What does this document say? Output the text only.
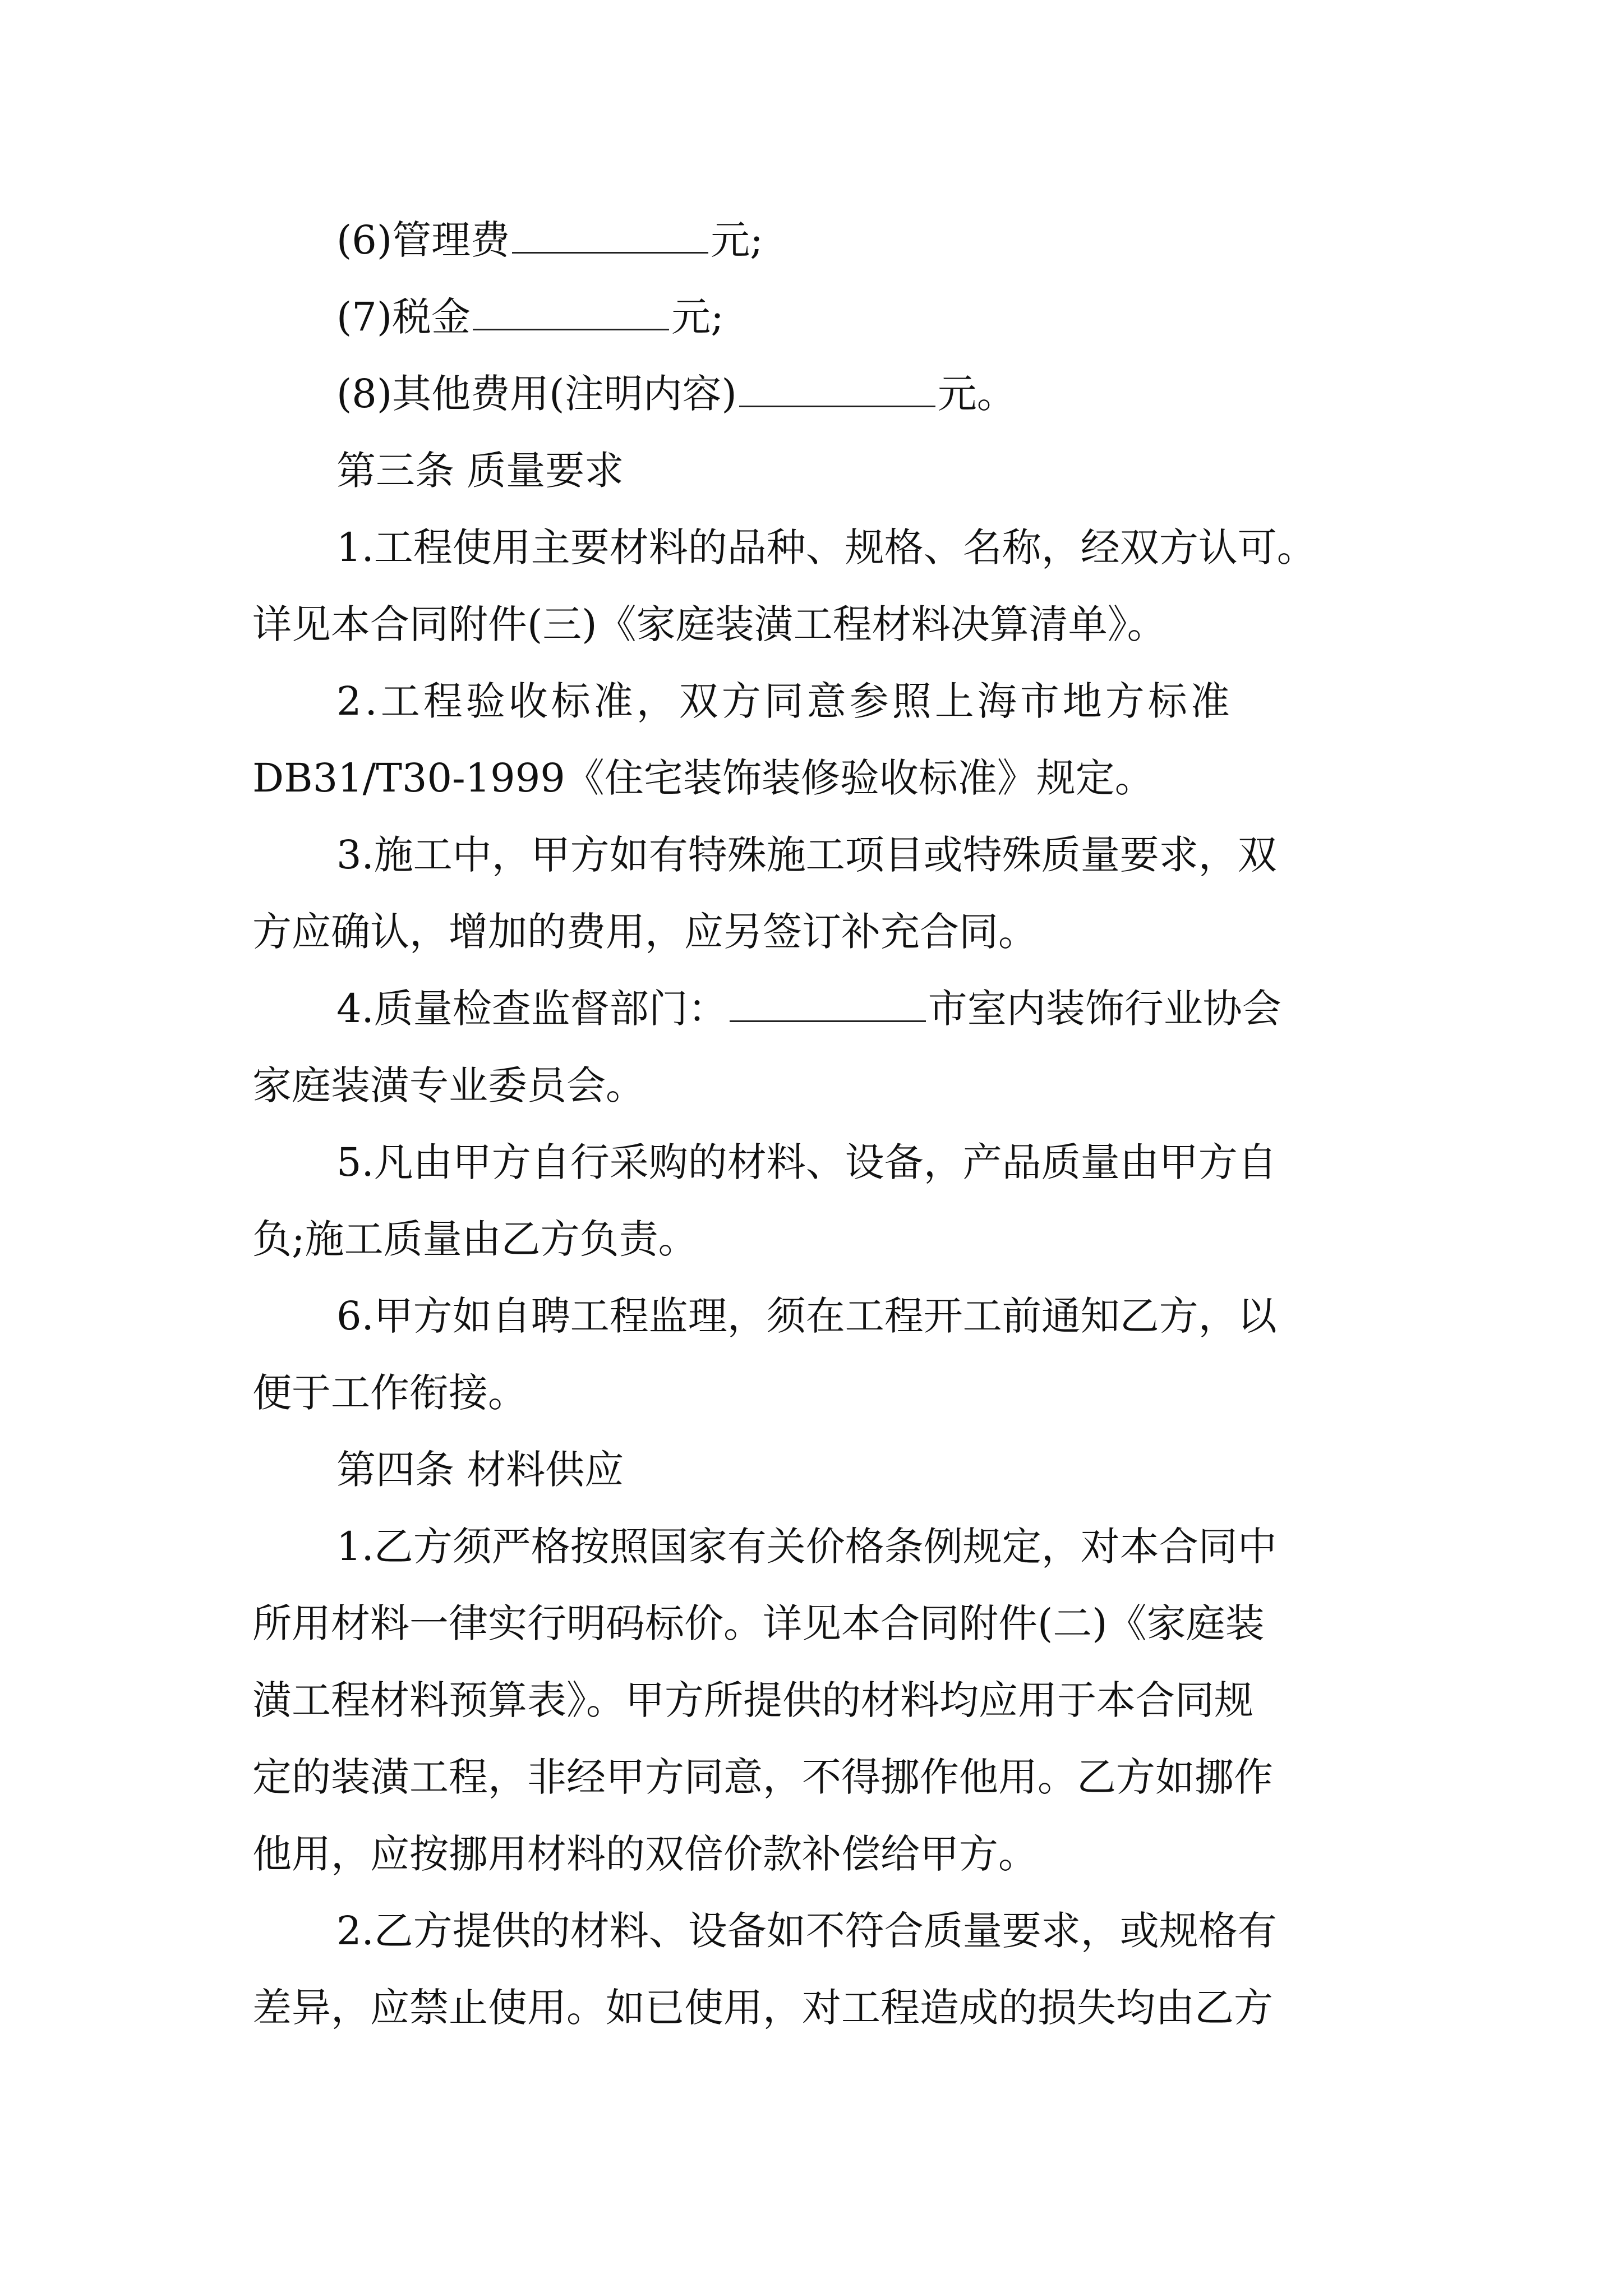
(6)管理费	元;
(7)税金	元;
(8)其他费用(注明内容)	元。
第三条 质量要求
1.工程使用主要材料的品种、规格、名称，经双方认可。
详见本合同附件(三)《家庭装潢工程材料决算清单》。
2.工程验收标准，双方同意参照上海市地方标准
DB31/T30-1999《住宅装饰装修验收标准》规定。
3.施工中，甲方如有特殊施工项目或特殊质量要求，双
方应确认，增加的费用，应另签订补充合同。
4.质量检查监督部门：	市室内装饰行业协会
家庭装潢专业委员会。
5.凡由甲方自行采购的材料、设备，产品质量由甲方自
负;施工质量由乙方负责。
6.甲方如自聘工程监理，须在工程开工前通知乙方，以
便于工作衔接。
第四条 材料供应
1.乙方须严格按照国家有关价格条例规定，对本合同中
所用材料一律实行明码标价。详见本合同附件(二)《家庭装
潢工程材料预算表》。甲方所提供的材料均应用于本合同规
定的装潢工程，非经甲方同意，不得挪作他用。乙方如挪作
他用，应按挪用材料的双倍价款补偿给甲方。
2.乙方提供的材料、设备如不符合质量要求，或规格有
差异，应禁止使用。如已使用，对工程造成的损失均由乙方
